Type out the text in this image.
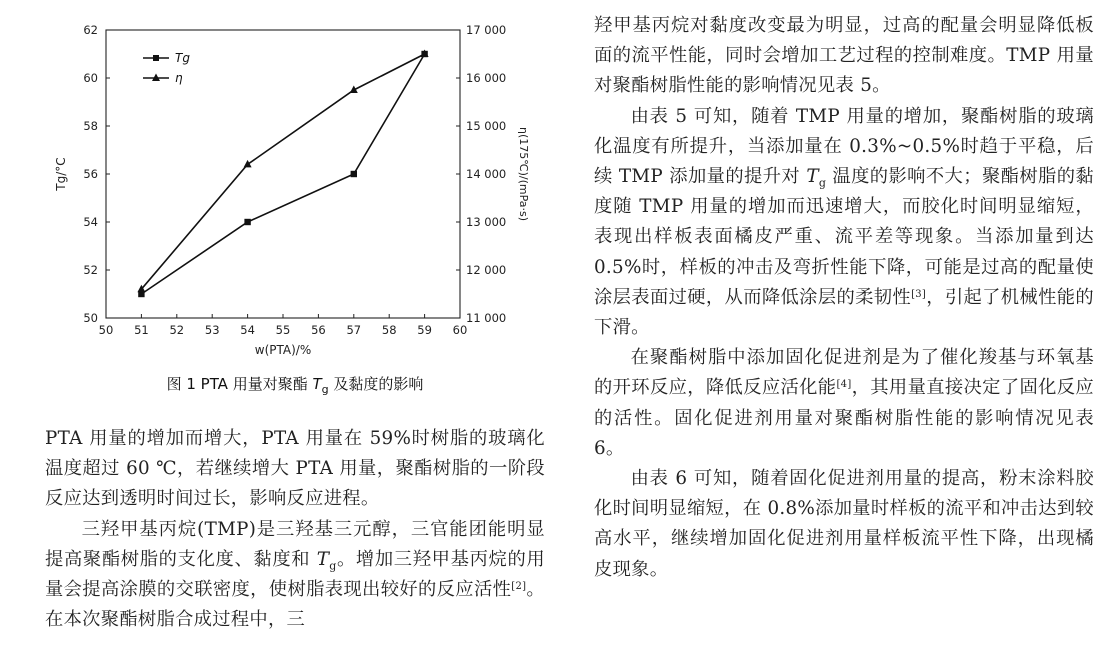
50 51 52 53 54 55 56 57 58 59 60
50
52
54
56
58
60
62
11 000
12 000
13 000
14 000
15 000
16 000
17 000
w(PTA)/%
Tg/°C	η(175℃)/(mPa·s)
Tg
η
图 1 PTA 用量对聚酯 $T_g$ 及黏度的影响

PTA 用量的增加而增大，PTA 用量在 59%时树脂的玻璃化温度超过 60 ℃，若继续增大 PTA 用量，聚酯树脂的一阶段反应达到透明时间过长，影响反应进程。

三羟甲基丙烷(TMP)是三羟基三元醇，三官能团能明显提高聚酯树脂的支化度、黏度和 $T_g$。增加三羟甲基丙烷的用量会提高涂膜的交联密度，使树脂表现出较好的反应活性[2]。在本次聚酯树脂合成过程中，三

羟甲基丙烷对黏度改变最为明显，过高的配量会明显降低板面的流平性能，同时会增加工艺过程的控制难度。TMP 用量对聚酯树脂性能的影响情况见表 5。

由表 5 可知，随着 TMP 用量的增加，聚酯树脂的玻璃化温度有所提升，当添加量在 0.3%~0.5%时趋于平稳，后续 TMP 添加量的提升对 $T_g$ 温度的影响不大；聚酯树脂的黏度随 TMP 用量的增加而迅速增大，而胶化时间明显缩短，表现出样板表面橘皮严重、流平差等现象。当添加量到达 0.5%时，样板的冲击及弯折性能下降，可能是过高的配量使涂层表面过硬，从而降低涂层的柔韧性[3]，引起了机械性能的下滑。

在聚酯树脂中添加固化促进剂是为了催化羧基与环氧基的开环反应，降低反应活化能[4]，其用量直接决定了固化反应的活性。固化促进剂用量对聚酯树脂性能的影响情况见表 6。

由表 6 可知，随着固化促进剂用量的提高，粉末涂料胶化时间明显缩短，在 0.8%添加量时样板的流平和冲击达到较高水平，继续增加固化促进剂用量样板流平性下降，出现橘皮现象。
